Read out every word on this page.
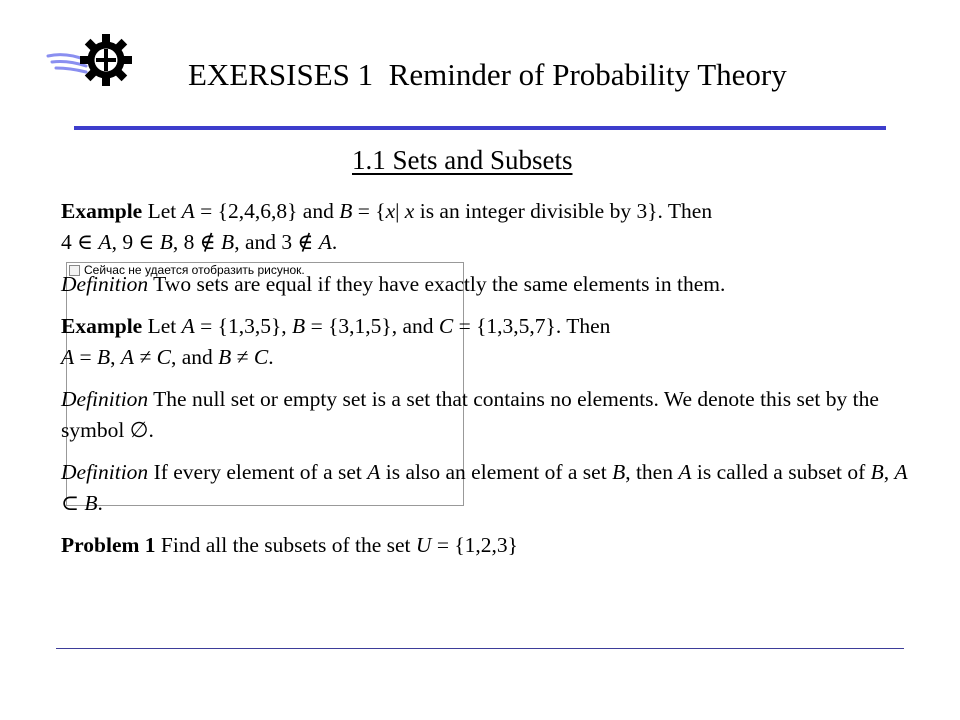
EXERSISES 1  Reminder of Probability Theory
1.1 Sets and Subsets
Сейчас не удается отобразить рисунок.

Example Let A = {2,4,6,8} and B = {x| x is an integer divisible by 3}. Then
4 ∈ A, 9 ∈ B, 8 ∉ B, and 3 ∉ A.

Definition Two sets are equal if they have exactly the same elements in them.

Example Let A = {1,3,5}, B = {3,1,5}, and C = {1,3,5,7}. Then
A = B, A ≠ C, and B ≠ C.

Definition The null set or empty set is a set that contains no elements. We denote this set by the symbol ∅.

Definition If every element of a set A is also an element of a set B, then A is called a subset of B, A ⊂ B.

Problem 1 Find all the subsets of the set U = {1,2,3}
